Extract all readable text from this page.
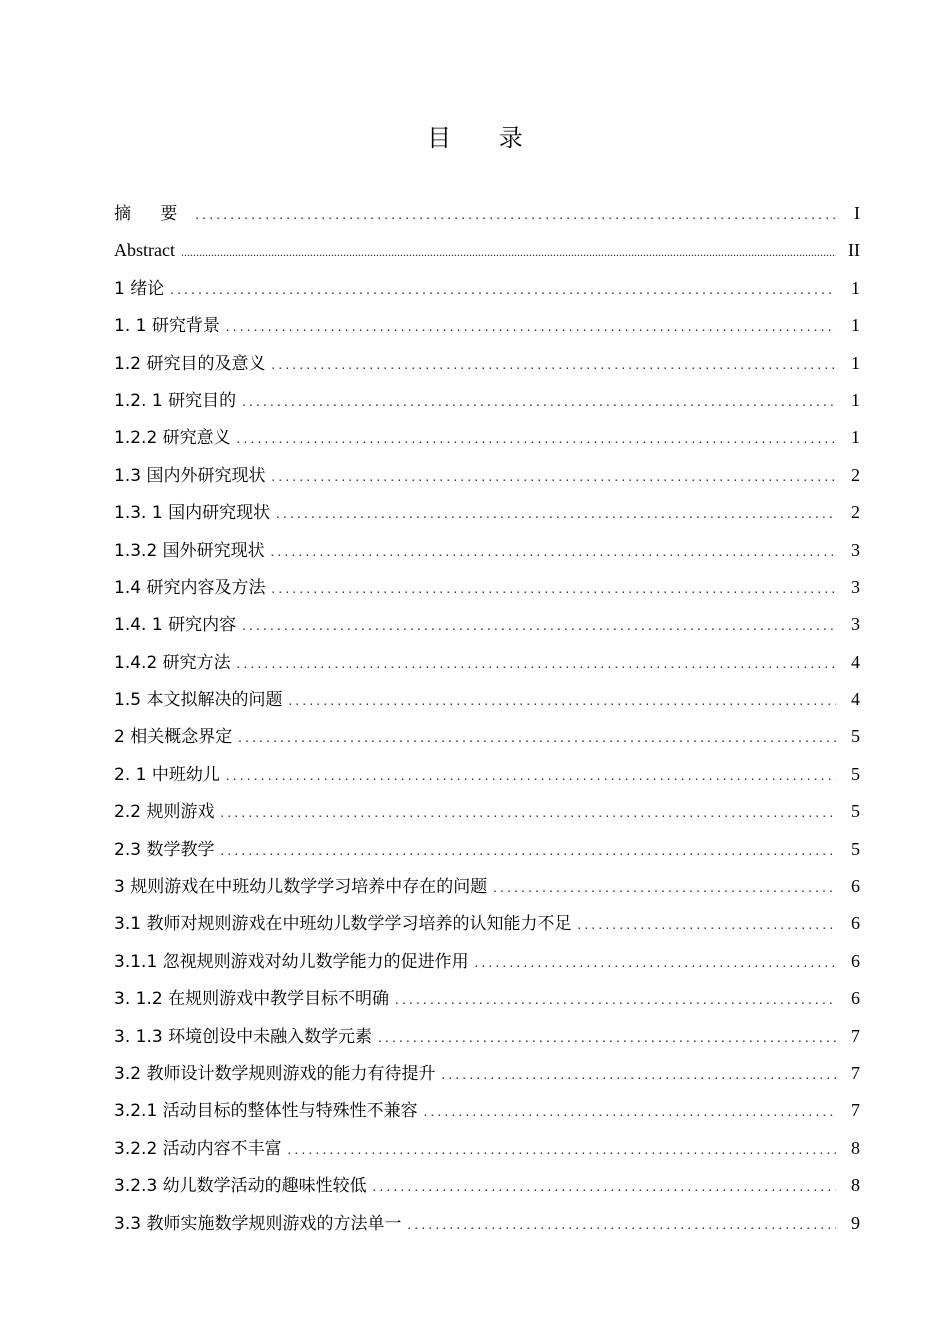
目 录
摘 要 . . .	I
Abstract .....	II
1 绪论 . . .	1
1. 1 研究背景 . . .	1
1.2 研究目的及意义 . . .	1
1.2. 1 研究目的 . . .	1
1.2.2 研究意义 . . .	1
1.3 国内外研究现状 . . .	2
1.3. 1 国内研究现状 . . .	2
1.3.2 国外研究现状 . . .	3
1.4 研究内容及方法 . . .	3
1.4. 1 研究内容 . . .	3
1.4.2 研究方法 . . .	4
1.5 本文拟解决的问题 . . .	4
2 相关概念界定 . . .	5
2. 1 中班幼儿 . . .	5
2.2 规则游戏 . . .	5
2.3 数学教学 . . .	5
3 规则游戏在中班幼儿数学学习培养中存在的问题 . . .	6
3.1 教师对规则游戏在中班幼儿数学学习培养的认知能力不足 . . .	6
3.1.1 忽视规则游戏对幼儿数学能力的促进作用 . . .	6
3. 1.2 在规则游戏中教学目标不明确 . . .	6
3. 1.3 环境创设中未融入数学元素 . . .	7
3.2 教师设计数学规则游戏的能力有待提升 . . .	7
3.2.1 活动目标的整体性与特殊性不兼容 . . .	7
3.2.2 活动内容不丰富 . . .	8
3.2.3 幼儿数学活动的趣味性较低 . . .	8
3.3 教师实施数学规则游戏的方法单一 . . .	9
